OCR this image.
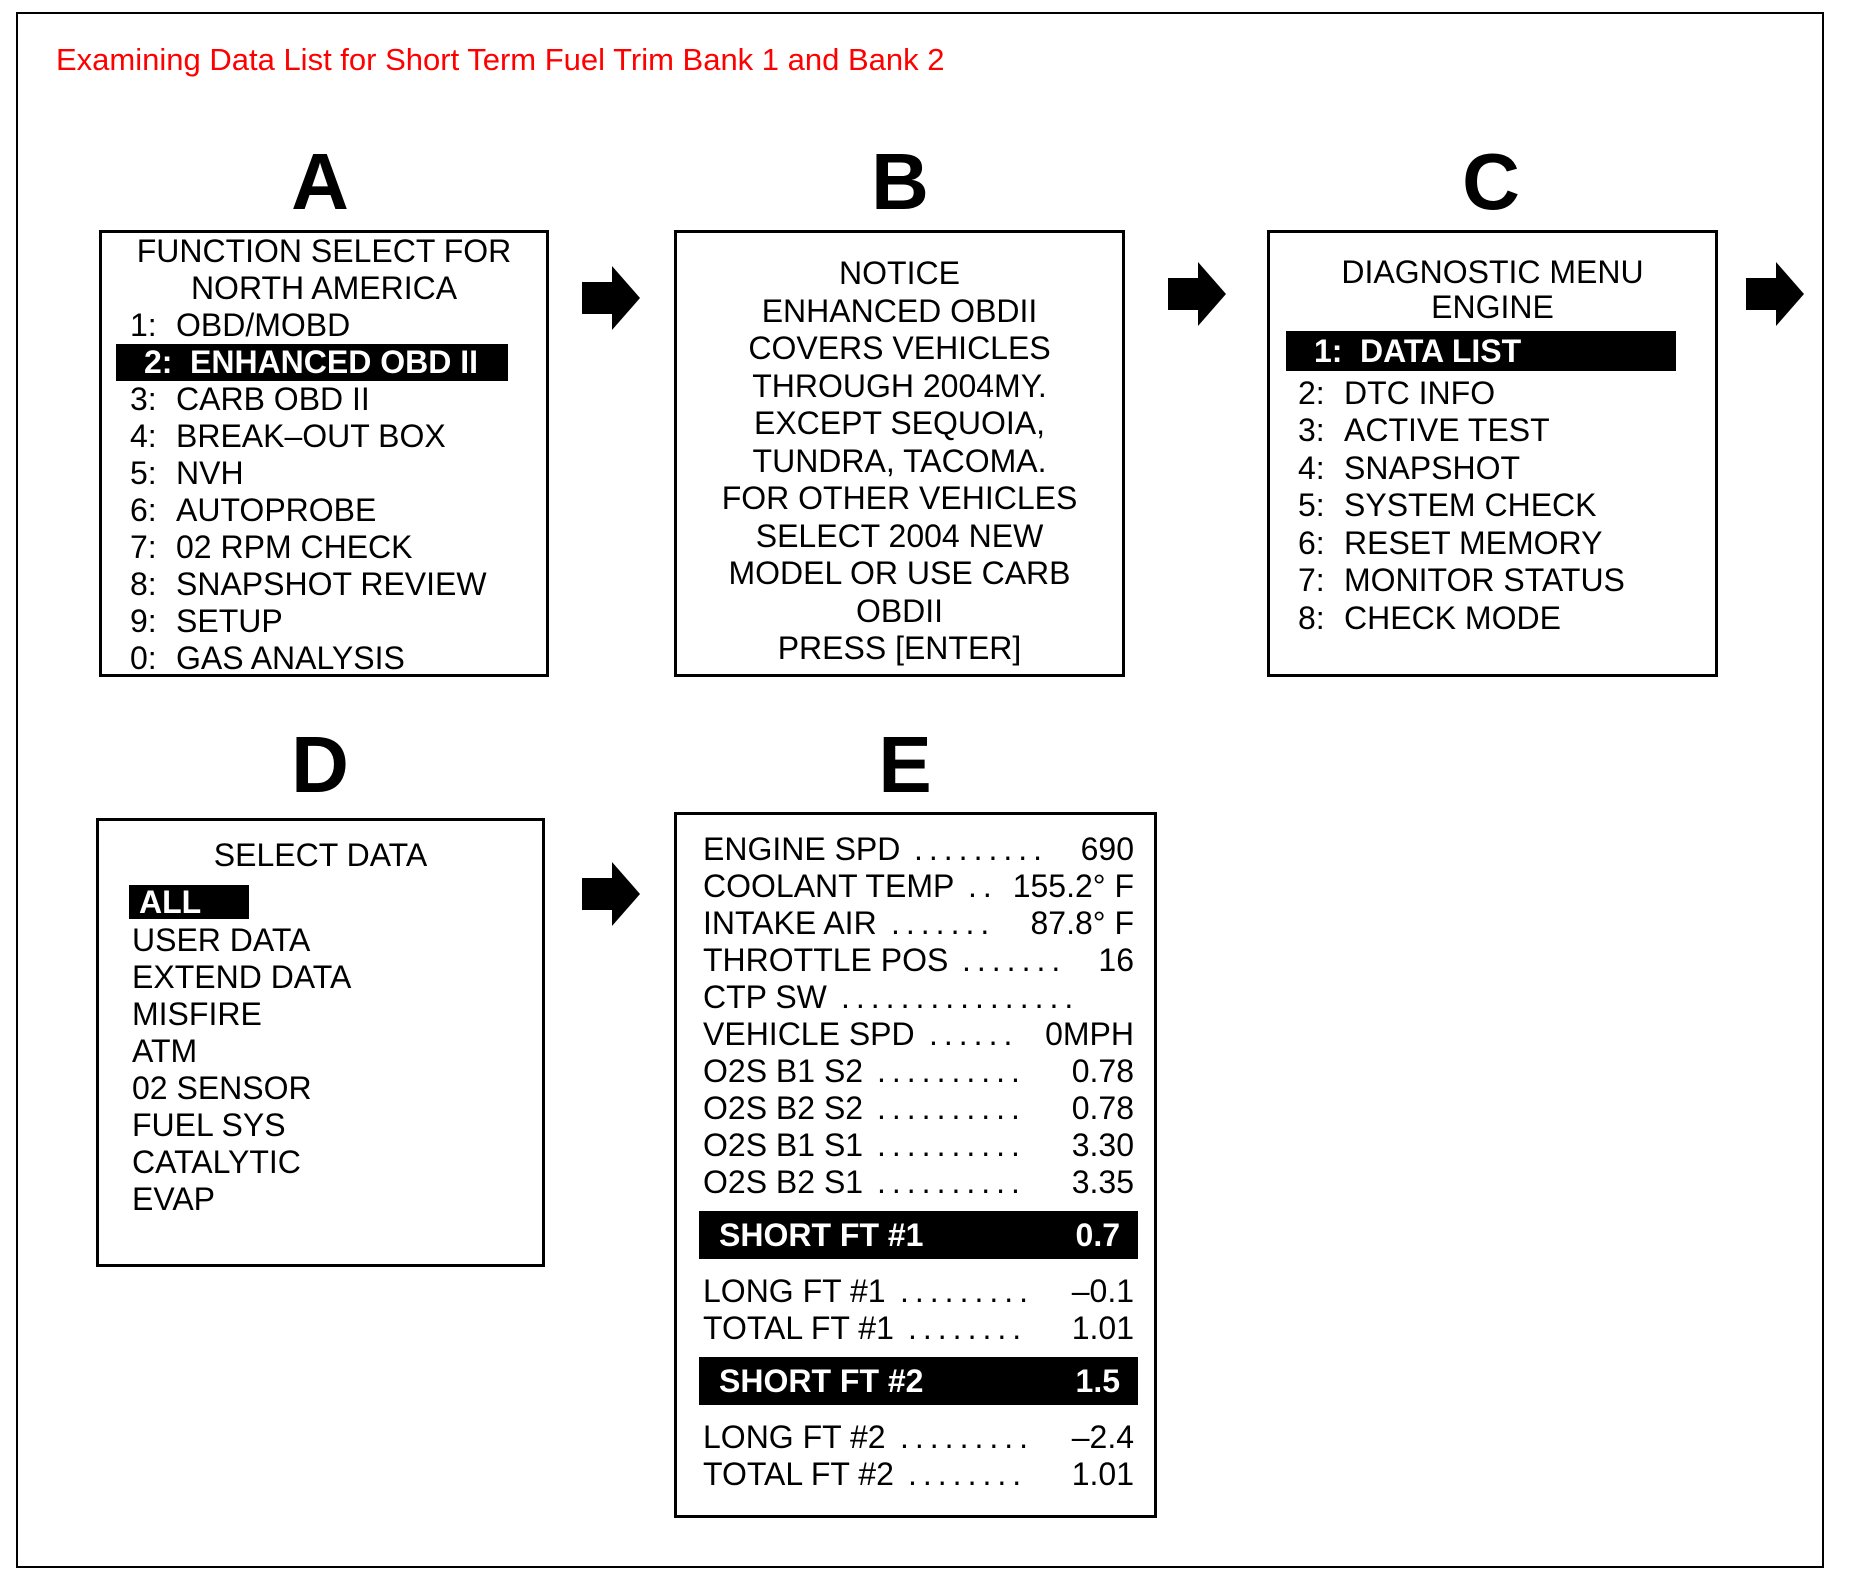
Examining Data List for Short Term Fuel Trim Bank 1 and Bank 2
A	B	C
D	E
FUNCTION SELECT FOR
NORTH AMERICA
1: OBD/MOBD
2: ENHANCED OBD II
3: CARB OBD II
4: BREAK–OUT BOX
5: NVH
6: AUTOPROBE
7: 02 RPM CHECK
8: SNAPSHOT REVIEW
9: SETUP
0: GAS ANALYSIS
NOTICE
ENHANCED OBDII
COVERS VEHICLES
THROUGH 2004MY.
EXCEPT SEQUOIA,
TUNDRA, TACOMA.
FOR OTHER VEHICLES
SELECT 2004 NEW
MODEL OR USE CARB
OBDII
PRESS [ENTER]
DIAGNOSTIC MENU
ENGINE
1: DATA LIST
2: DTC INFO
3: ACTIVE TEST
4: SNAPSHOT
5: SYSTEM CHECK
6: RESET MEMORY
7: MONITOR STATUS
8: CHECK MODE
SELECT DATA
ALL
USER DATA
EXTEND DATA
MISFIRE
ATM
02 SENSOR
FUEL SYS
CATALYTIC
EVAP
ENGINE SPD ......... 690
COOLANT TEMP .. 155.2° F
INTAKE AIR ....... 87.8° F
THROTTLE POS ....... 16
CTP SW ................
VEHICLE SPD ...... 0MPH
O2S B1 S2 .......... 0.78
O2S B2 S2 .......... 0.78
O2S B1 S1 .......... 3.30
O2S B2 S1 .......... 3.35
SHORT FT #1	0.7
LONG FT #1 ......... –0.1
TOTAL FT #1 ........ 1.01
SHORT FT #2	1.5
LONG FT #2 ......... –2.4
TOTAL FT #2 ........ 1.01
